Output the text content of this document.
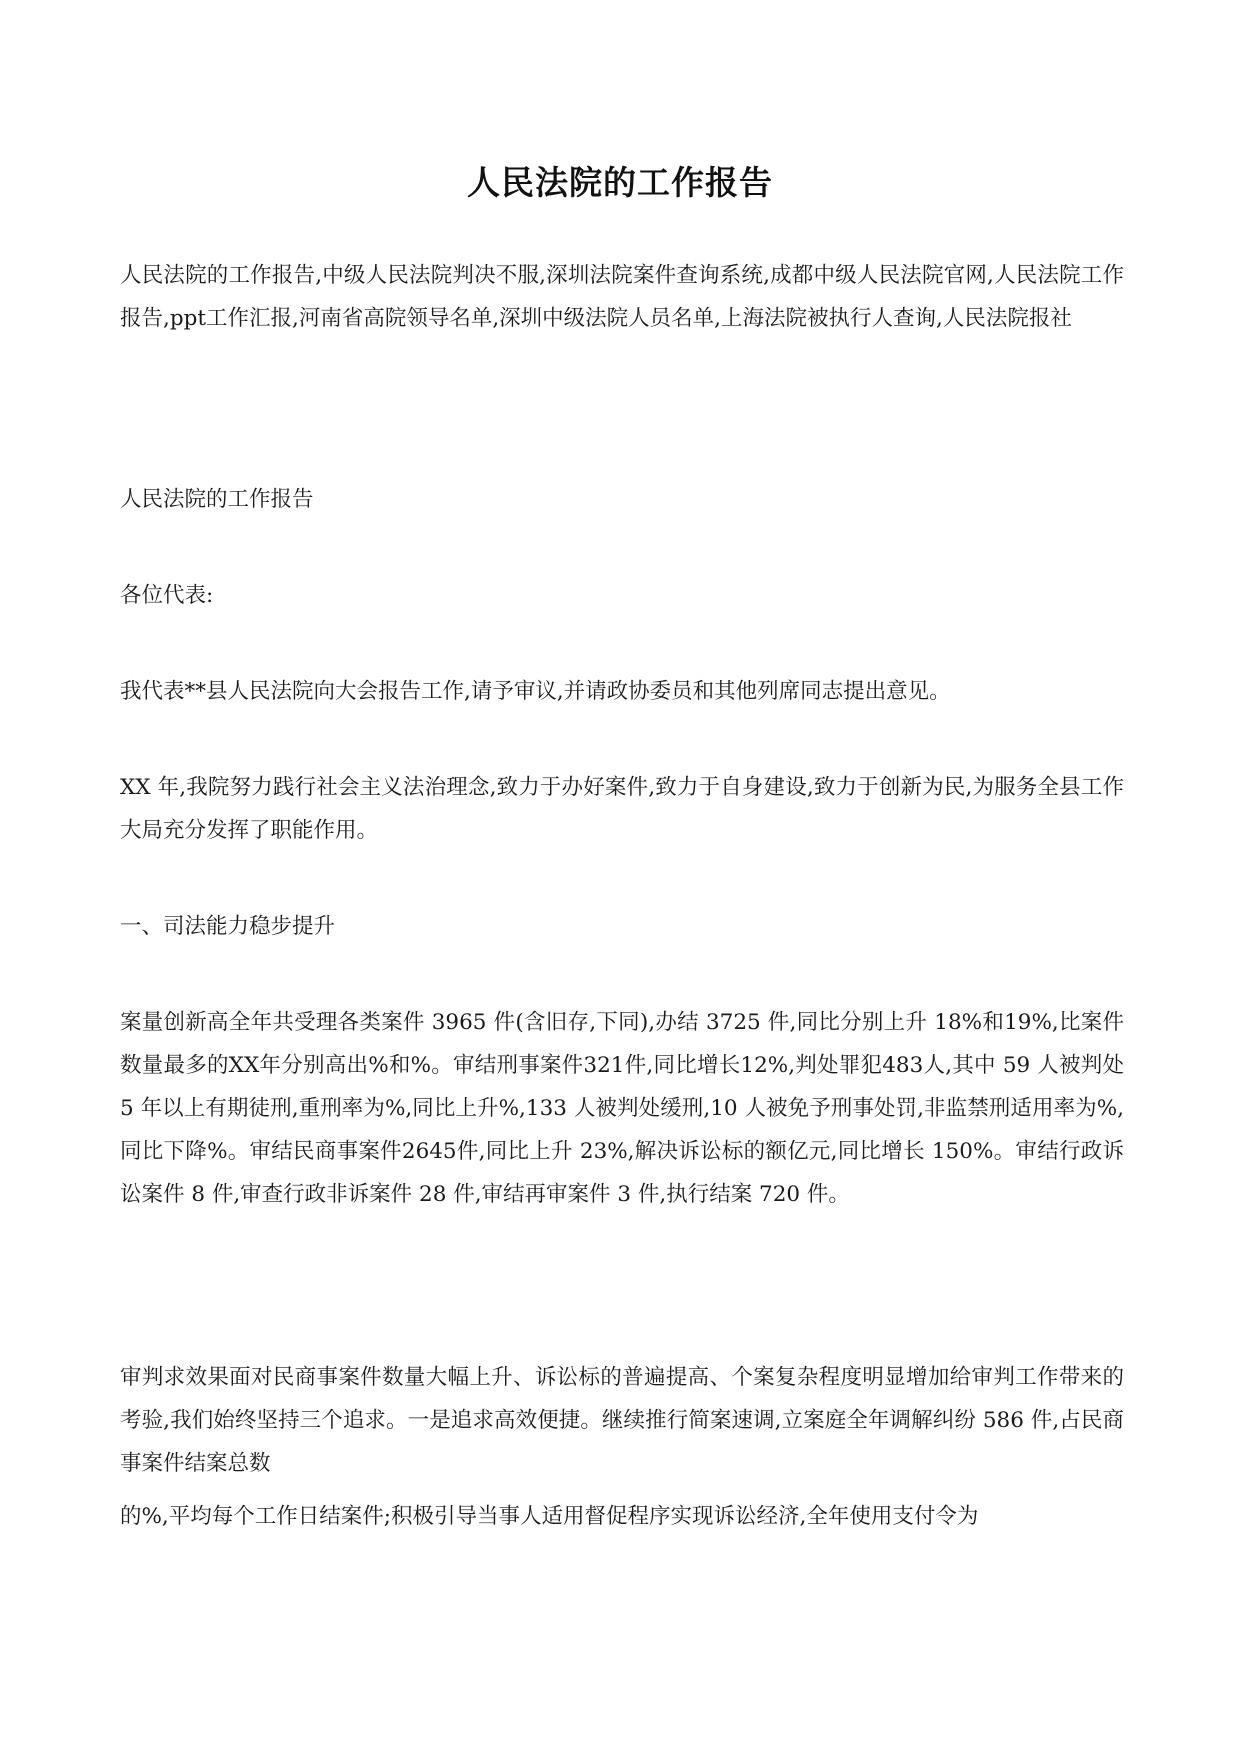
人民法院的工作报告

人民法院的工作报告,中级人民法院判决不服,深圳法院案件查询系统,成都中级人民法院官网,人民法院工作报告,ppt工作汇报,河南省高院领导名单,深圳中级法院人员名单,上海法院被执行人查询,人民法院报社

人民法院的工作报告

各位代表:

我代表**县人民法院向大会报告工作,请予审议,并请政协委员和其他列席同志提出意见。

XX 年,我院努力践行社会主义法治理念,致力于办好案件,致力于自身建设,致力于创新为民,为服务全县工作大局充分发挥了职能作用。

一、司法能力稳步提升

案量创新高全年共受理各类案件 3965 件(含旧存,下同),办结 3725 件,同比分别上升 18%和19%,比案件数量最多的XX年分别高出%和%。审结刑事案件321件,同比增长12%,判处罪犯483人,其中 59 人被判处 5 年以上有期徒刑,重刑率为%,同比上升%,133 人被判处缓刑,10 人被免予刑事处罚,非监禁刑适用率为%,同比下降%。审结民商事案件2645件,同比上升 23%,解决诉讼标的额亿元,同比增长 150%。审结行政诉讼案件 8 件,审查行政非诉案件 28 件,审结再审案件 3 件,执行结案 720 件。

审判求效果面对民商事案件数量大幅上升、诉讼标的普遍提高、个案复杂程度明显增加给审判工作带来的考验,我们始终坚持三个追求。一是追求高效便捷。继续推行简案速调,立案庭全年调解纠纷 586 件,占民商事案件结案总数

的%,平均每个工作日结案件;积极引导当事人适用督促程序实现诉讼经济,全年使用支付令为
